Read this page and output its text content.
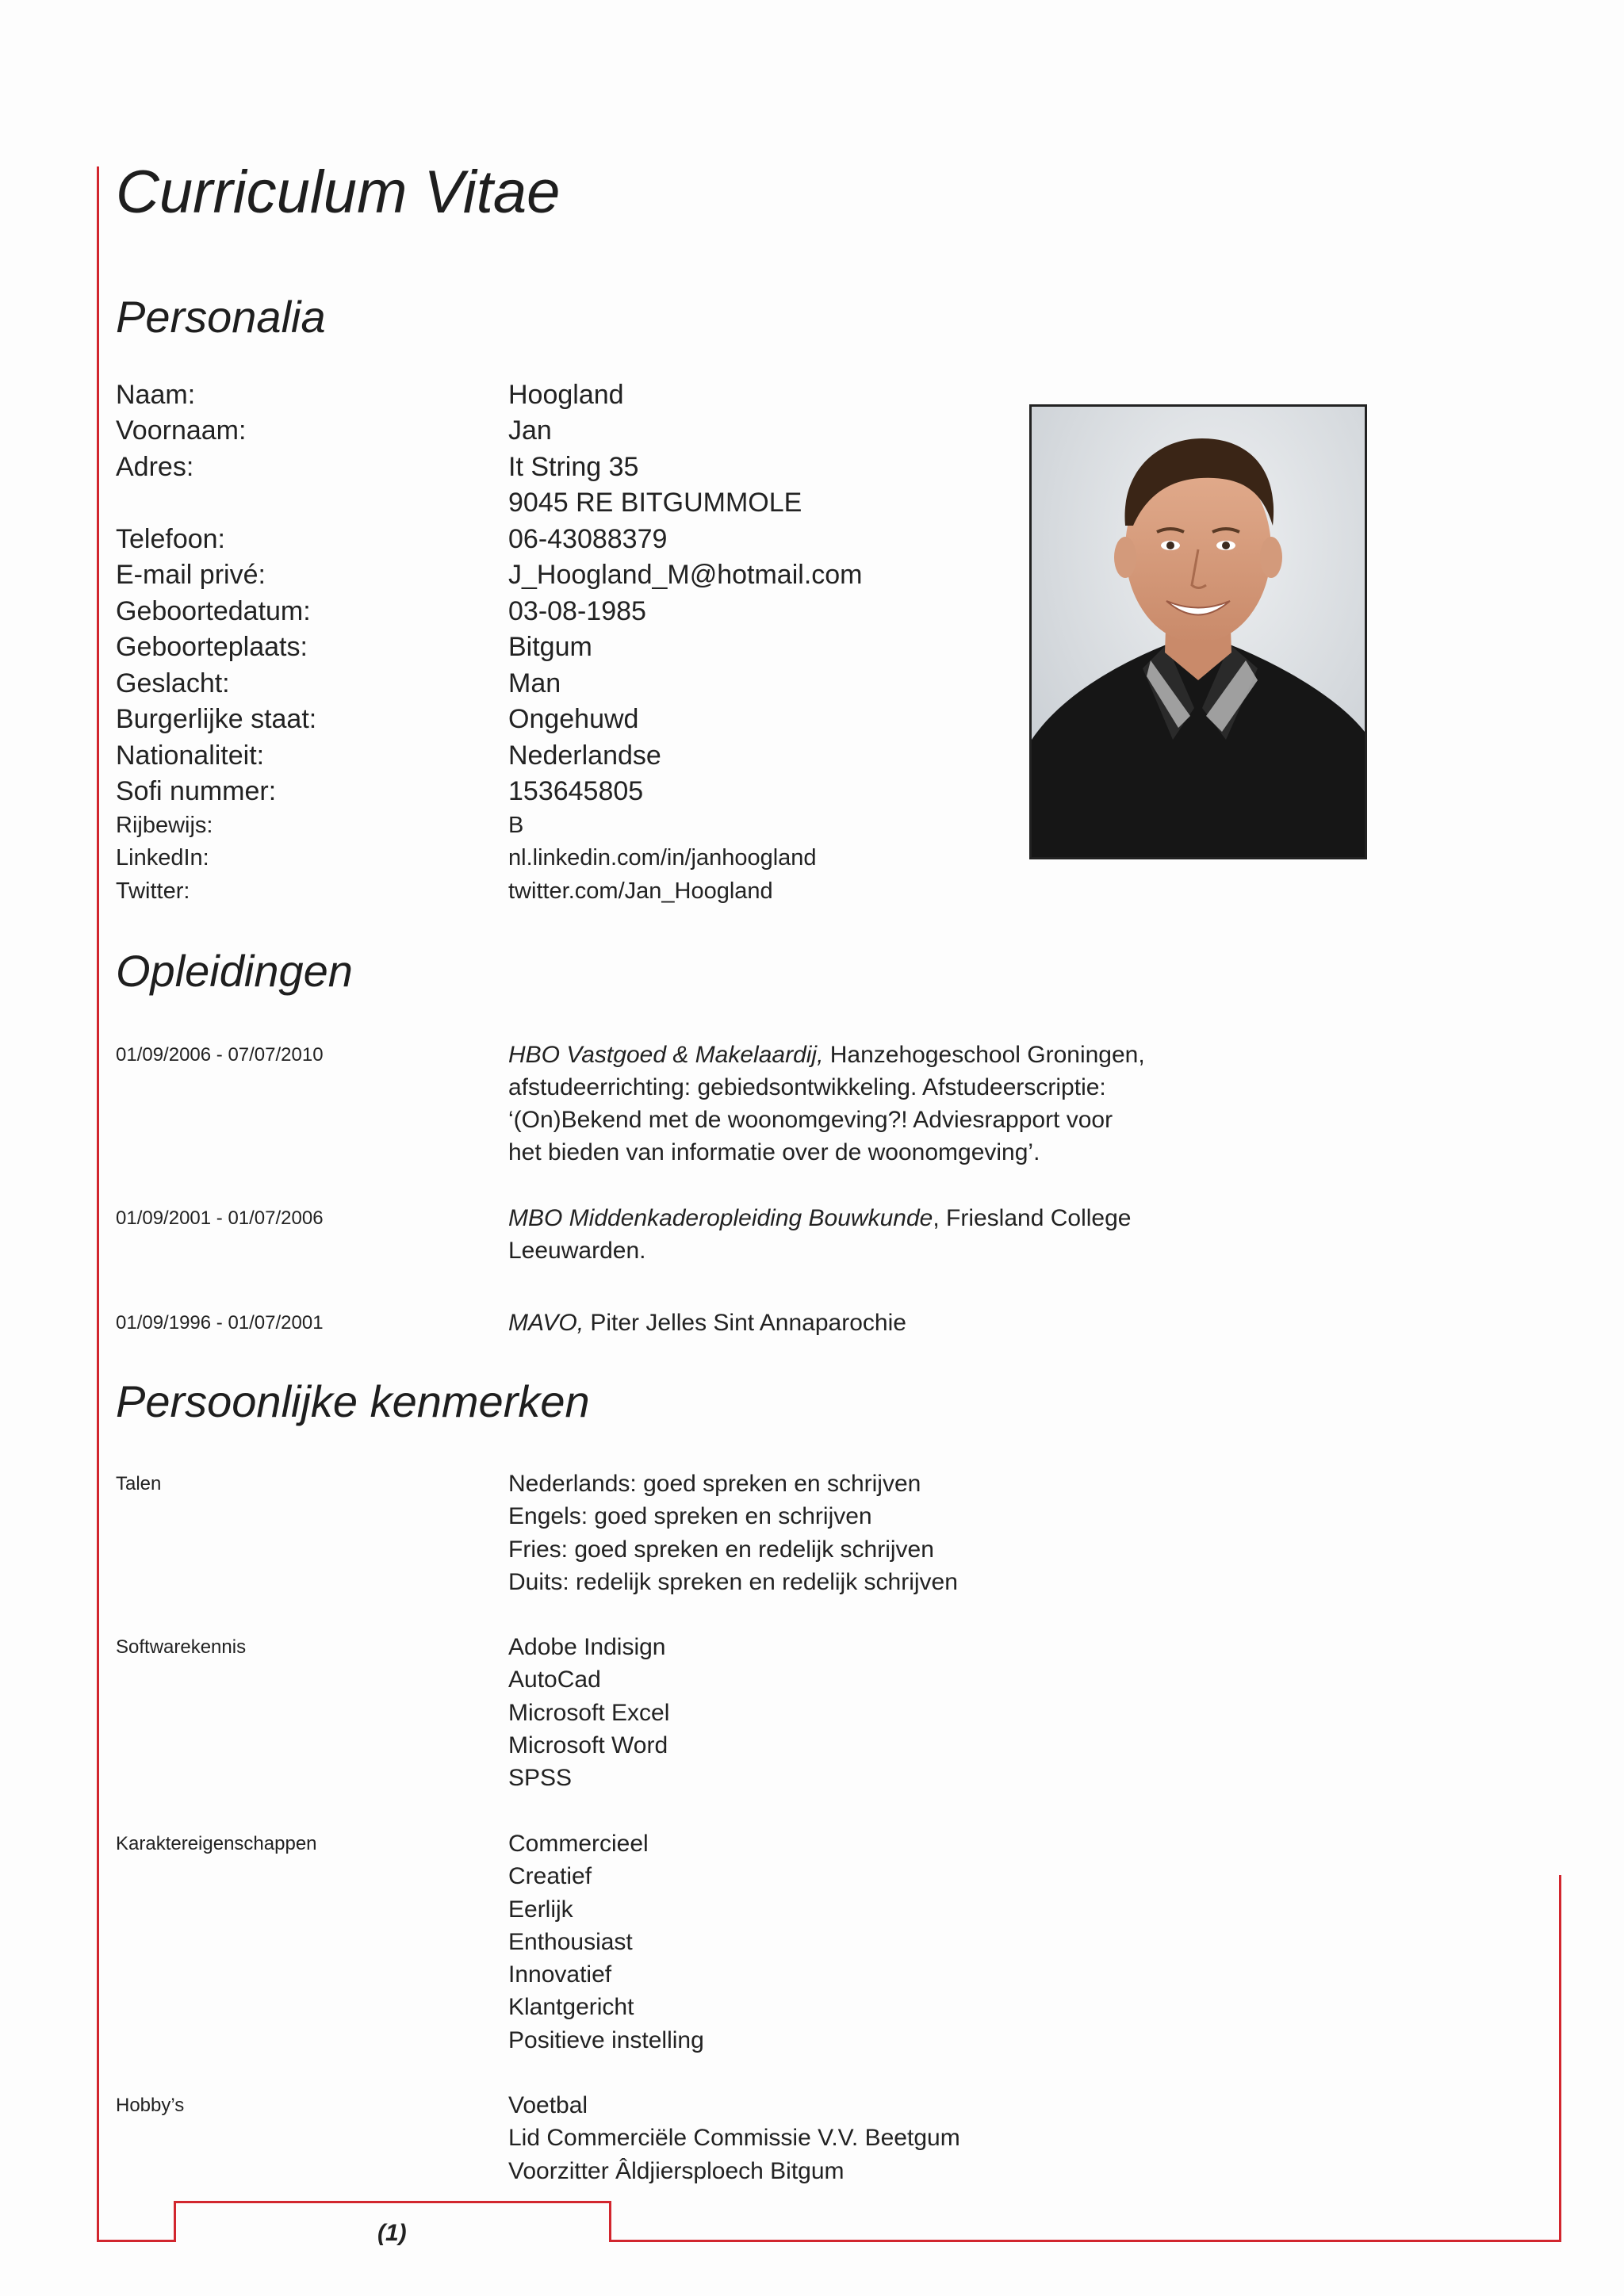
Curriculum Vitae
Personalia
Naam:	Hoogland
Voornaam:	Jan
Adres:	It String 35
9045 RE BITGUMMOLE
Telefoon:	06-43088379
E-mail privé:	J_Hoogland_M@hotmail.com
Geboortedatum:	03-08-1985
Geboorteplaats:	Bitgum
Geslacht:	Man
Burgerlijke staat:	Ongehuwd
Nationaliteit:	Nederlandse
Sofi nummer:	153645805
Rijbewijs:	B
LinkedIn:	nl.linkedin.com/in/janhoogland
Twitter:	twitter.com/Jan_Hoogland
Opleidingen
01/09/2006 - 07/07/2010	HBO Vastgoed & Makelaardij, Hanzehogeschool Groningen,
afstudeerrichting: gebiedsontwikkeling. Afstudeerscriptie:
‘(On)Bekend met de woonomgeving?! Adviesrapport voor
het bieden van informatie over de woonomgeving’.
01/09/2001 - 01/07/2006	MBO Middenkaderopleiding Bouwkunde, Friesland College
Leeuwarden.
01/09/1996 - 01/07/2001	MAVO, Piter Jelles Sint Annaparochie
Persoonlijke kenmerken
Talen	Nederlands: goed spreken en schrijven
Engels: goed spreken en schrijven
Fries: goed spreken en redelijk schrijven
Duits: redelijk spreken en redelijk schrijven
Softwarekennis	Adobe Indisign
AutoCad
Microsoft Excel
Microsoft Word
SPSS
Karaktereigenschappen	Commercieel
Creatief
Eerlijk
Enthousiast
Innovatief
Klantgericht
Positieve instelling
Hobby’s	Voetbal
Lid Commerciële Commissie V.V. Beetgum
Voorzitter Âldjiersploech Bitgum
(1)
